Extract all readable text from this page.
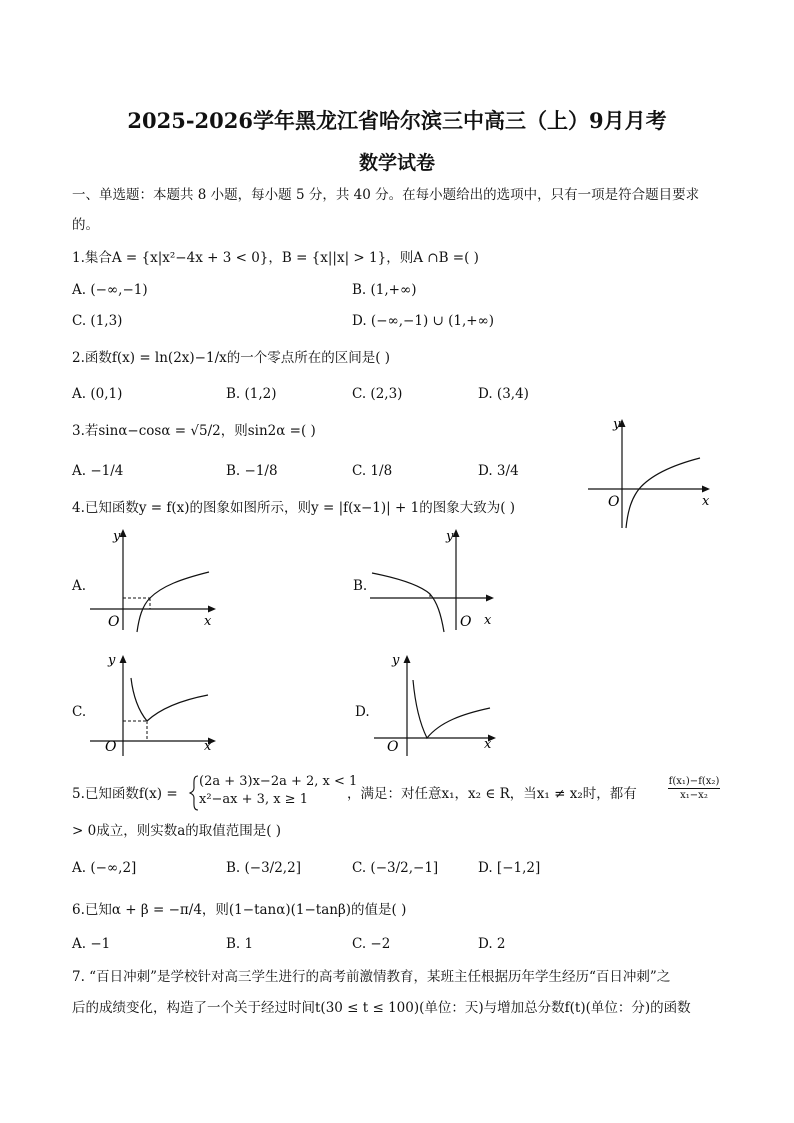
2025-2026学年黑龙江省哈尔滨三中高三（上）9月月考
数学试卷
一、单选题：本题共 8 小题，每小题 5 分，共 40 分。在每小题给出的选项中，只有一项是符合题目要求
的。
1.集合A = {x|x²−4x + 3 < 0}，B = {x||x| > 1}，则A ∩B =( )
A. (−∞,−1)	B. (1,+∞)
C. (1,3)	D. (−∞,−1) ∪ (1,+∞)
2.函数f(x) = ln(2x)−1/x的一个零点所在的区间是( )
A. (0,1)	B. (1,2)	C. (2,3)	D. (3,4)
3.若sinα−cosα = √5/2，则sin2α =( )
A. −1/4	B. −1/8	C. 1/8	D. 3/4
y
x
O
4.已知函数y = f(x)的图象如图所示，则y = |f(x−1)| + 1的图象大致为( )
A.
y
x
O
B.
y
x
O
C.
y
x
O
D.
y
x
O
5.已知函数f(x) =
(2a + 3)x−2a + 2, x < 1
x²−ax + 3, x ≥ 1	，满足：对任意x₁，x₂ ∈ R，当x₁ ≠ x₂时，都有	$\frac{\text{f(x₁)−f(x₂)}}{\text{x₁−x₂}}$
> 0成立，则实数a的取值范围是( )
A. (−∞,2]	B. (−3/2,2]	C. (−3/2,−1]	D. [−1,2]
6.已知α + β = −π/4，则(1−tanα)(1−tanβ)的值是( )
A. −1	B. 1	C. −2	D. 2
7. “百日冲刺”是学校针对高三学生进行的高考前激情教育，某班主任根据历年学生经历“百日冲刺”之
后的成绩变化，构造了一个关于经过时间t(30 ≤ t ≤ 100)(单位：天)与增加总分数f(t)(单位：分)的函数
